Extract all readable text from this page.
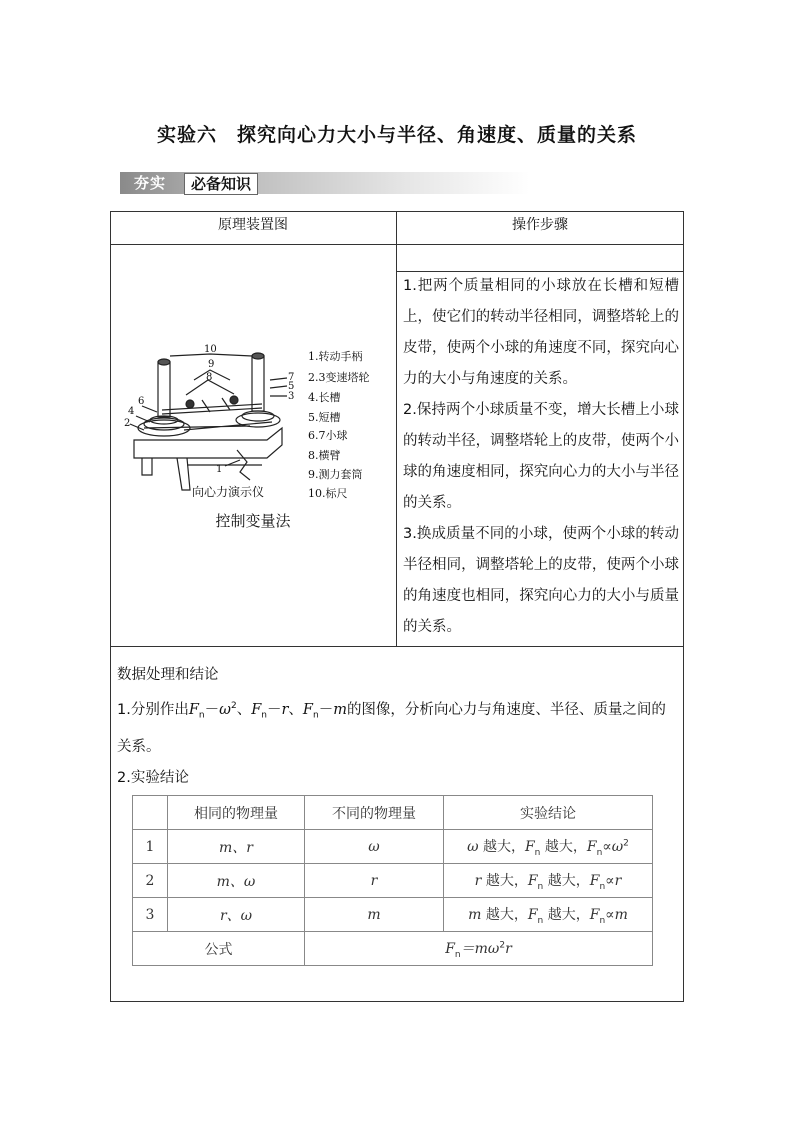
实验六 探究向心力大小与半径、角速度、质量的关系
夯实	必备知识
原理装置图	操作步骤
10
9
8	7
6
5
4
3
2
1
向心力演示仪
1.转动手柄
2.3变速塔轮
4.长槽
5.短槽
6.7小球
8.横臂
9.测力套筒
10.标尺
控制变量法

1.把两个质量相同的小球放在长槽和短槽上，使它们的转动半径相同，调整塔轮上的皮带，使两个小球的角速度不同，探究向心力的大小与角速度的关系。

2.保持两个小球质量不变，增大长槽上小球的转动半径，调整塔轮上的皮带，使两个小球的角速度相同，探究向心力的大小与半径的关系。

3.换成质量不同的小球，使两个小球的转动半径相同，调整塔轮上的皮带，使两个小球的角速度也相同，探究向心力的大小与质量的关系。

数据处理和结论

1.分别作出$F_n-\omega^2$、$F_n-r$、$F_n-m$的图像，分析向心力与角速度、半径、质量之间的关系。

2.实验结论

	相同的物理量	不同的物理量	实验结论
1	m、r	ω	ω 越大，$F_n$ 越大，$F_n\propto\omega^2$
2	m、ω	r	r 越大，$F_n$ 越大，$F_n\propto r$
3	r、ω	m	m 越大，$F_n$ 越大，$F_n\propto m$
公式		$F_n=m\omega^2r$	
